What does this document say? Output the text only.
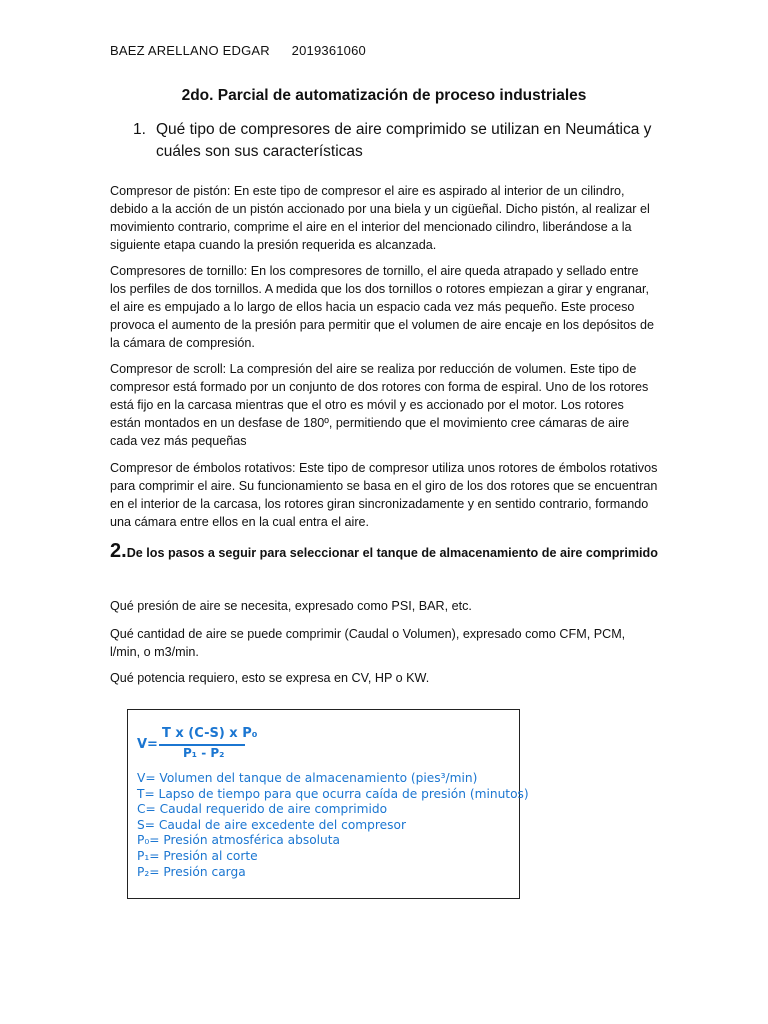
BAEZ ARELLANO EDGAR 2019361060
2do. Parcial de automatización de proceso industriales
1. Qué tipo de compresores de aire comprimido se utilizan en Neumática y cuáles son sus características
Compresor de pistón: En este tipo de compresor el aire es aspirado al interior de un cilindro, debido a la acción de un pistón accionado por una biela y un cigüeñal. Dicho pistón, al realizar el movimiento contrario, comprime el aire en el interior del mencionado cilindro, liberándose a la siguiente etapa cuando la presión requerida es alcanzada.
Compresores de tornillo: En los compresores de tornillo, el aire queda atrapado y sellado entre los perfiles de dos tornillos. A medida que los dos tornillos o rotores empiezan a girar y engranar, el aire es empujado a lo largo de ellos hacia un espacio cada vez más pequeño. Este proceso provoca el aumento de la presión para permitir que el volumen de aire encaje en los depósitos de la cámara de compresión.
Compresor de scroll: La compresión del aire se realiza por reducción de volumen. Este tipo de compresor está formado por un conjunto de dos rotores con forma de espiral. Uno de los rotores está fijo en la carcasa mientras que el otro es móvil y es accionado por el motor. Los rotores están montados en un desfase de 180º, permitiendo que el movimiento cree cámaras de aire cada vez más pequeñas
Compresor de émbolos rotativos: Este tipo de compresor utiliza unos rotores de émbolos rotativos para comprimir el aire. Su funcionamiento se basa en el giro de los dos rotores que se encuentran en el interior de la carcasa, los rotores giran sincronizadamente y en sentido contrario, formando una cámara entre ellos en la cual entra el aire.
2.De los pasos a seguir para seleccionar el tanque de almacenamiento de aire comprimido
Qué presión de aire se necesita, expresado como PSI, BAR, etc.
Qué cantidad de aire se puede comprimir (Caudal o Volumen), expresado como CFM, PCM, l/min, o m3/min.
Qué potencia requiero, esto se expresa en CV, HP o KW.
V=
T x (C-S) x P₀
P₁ - P₂
V= Volumen del tanque de almacenamiento (pies³/min)
T= Lapso de tiempo para que ocurra caída de presión (minutos)
C= Caudal requerido de aire comprimido
S= Caudal de aire excedente del compresor
P₀= Presión atmosférica absoluta
P₁= Presión al corte
P₂= Presión carga
